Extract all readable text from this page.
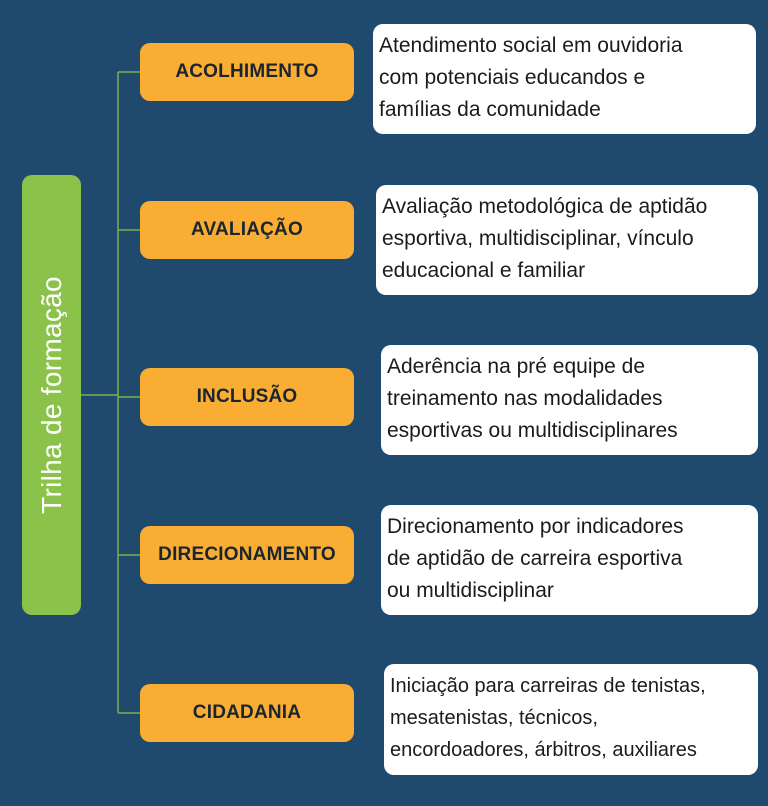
Trilha de formação
ACOLHIMENTO
Atendimento social em ouvidoria
com potenciais educandos e
famílias da comunidade
AVALIAÇÃO
Avaliação metodológica de aptidão
esportiva, multidisciplinar, vínculo
educacional e familiar
INCLUSÃO
Aderência na pré equipe de
treinamento nas modalidades
esportivas ou multidisciplinares
DIRECIONAMENTO
Direcionamento por indicadores
de aptidão de carreira esportiva
ou multidisciplinar
CIDADANIA
Iniciação para carreiras de tenistas,
mesatenistas, técnicos,
encordoadores, árbitros, auxiliares
